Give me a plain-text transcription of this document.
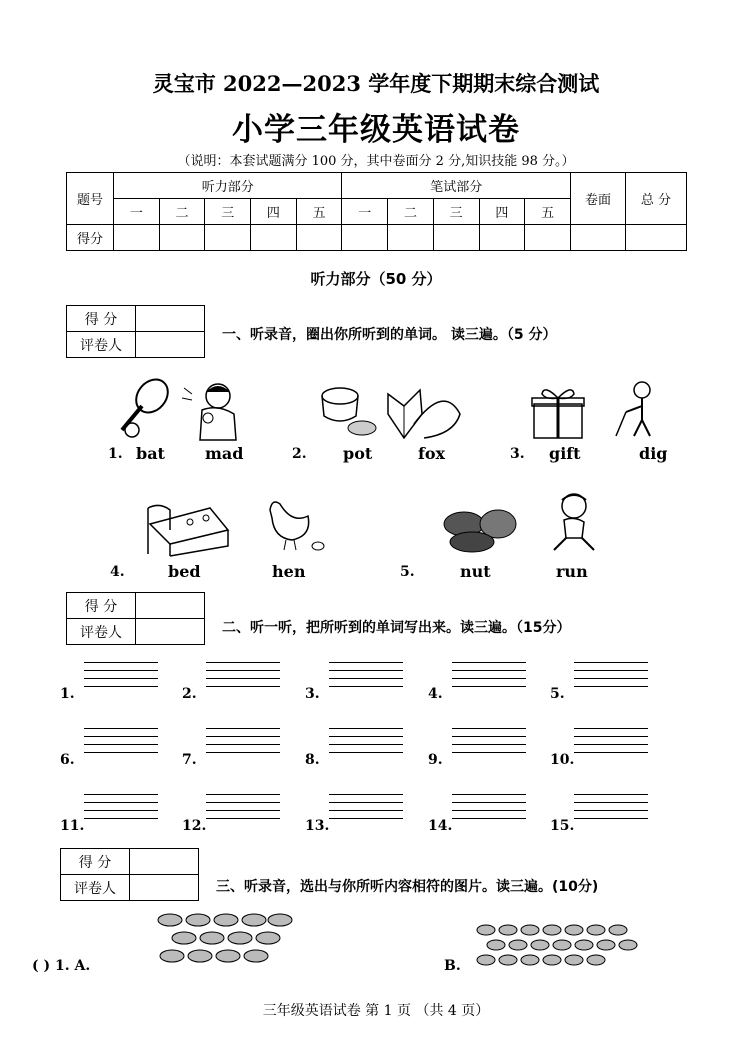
灵宝市 2022—2023 学年度下期期末综合测试
小学三年级英语试卷
（说明：本套试题满分 100 分，其中卷面分 2 分,知识技能 98 分。）
题号	听力部分					笔试部分					卷面	总 分
	一	二	三	四	五	一	二	三	四	五		
得分												
听力部分（50 分）
得 分	
评卷人	
一、听录音，圈出你所听到的单词。 读三遍。（5 分）
1. bat	mad	2. pot	fox	3. gift	dig
4.	bed	hen	5.	nut	run
得 分	
评卷人		二、听一听，把所听到的单词写出来。读三遍。（15分）
1.	2.	3.	4.	5.
6.	7.	8.	9.	10.
11.	12.	13.	14.	15.
得 分	
评卷人		三、听录音，选出与你所听内容相符的图片。读三遍。(10分)
( ) 1. A.	B.
三年级英语试卷 第 1 页 （共 4 页）
